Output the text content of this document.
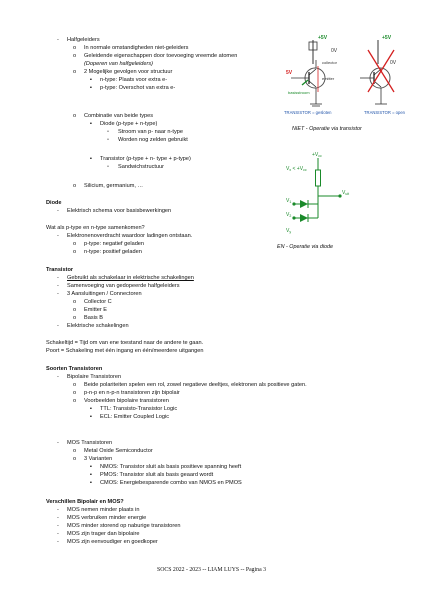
- Halfgeleiders
o In normale omstandigheden niet-geleiders
o Geleidende eigenschappen door toevoeging vreemde atomen
(Doperen van halfgeleiders)
o 2 Mogelijke gevolgen voor structuur
▪ n-type: Plaats voor extra e-
▪ p-type: Overschot van extra e-
o Combinatie van beide types
▪ Diode (p-type + n-type)
▫ Stroom van p- naar n-type
▫ Worden nog zelden gebruikt
▪ Transistor (p-type + n- type + p-type)
▫ Sandwichstructuur
o Silicium, germanium, …
Diode
- Elektrisch schema voor basisbewerkingen
Wat als p-type en n-type samenkomen?
- Elektronenoverdracht waardoor ladingen ontstaan.
o p-type: negatief geladen
o n-type: positief geladen
Transistor
- Gebruikt als schakelaar in elektrische schakelingen
- Samenvoeging van gedopeerde halfgeleiders
- 3 Aansluitingen / Connectoren
o Collector C
o Emitter E
o Basis B
- Elektrische schakelingen
Schakeltijd = Tijd om van ene toestand naar de andere te gaan.
Poort = Schakeling met één ingang en één/meerdere uitgangen
Soorten Transistoren
- Bipolaire Transistoren
o Beide polariteiten spelen een rol, zowel negatieve deeltjes, elektronen als positieve gaten.
o p-n-p en n-p-n transistoren zijn bipolair
o Voorbeelden bipolaire transistoren
▪ TTL: Transisto-Transistor Logic
▪ ECL: Emitter Coupled Logic
- MOS Transistoren
o Metal Oxide Semiconductor
o 3 Varianten
▪ NMOS: Transistor sluit als basis positieve spanning heeft
▪ PMOS: Transistor sluit als basis geaard wordt
▪ CMOS: Energiebesparende combo van NMOS en PMOS
Verschillen Bipolair en MOS?
- MOS nemen minder plaats in
- MOS verbruiken minder energie
- MOS minder storend op naburige transistoren
- MOS zijn trager dan bipolaire
- MOS zijn eenvoudiger en goedkoper
+5V
5V
collector
emitter
basisstroom
0V
TRANSISTOR = gesloten
+5V
0V
TRANSISTOR = open
NIET - Operatie via transistor
$+V_{cc}$
$V_x < +V_{cc}$
$V_1$
$V_2$
$V_{uit}$
$V_y$
EN - Operatie via diode
SOCS 2022 - 2023 -- LIAM LUYS -- Pagina 3
